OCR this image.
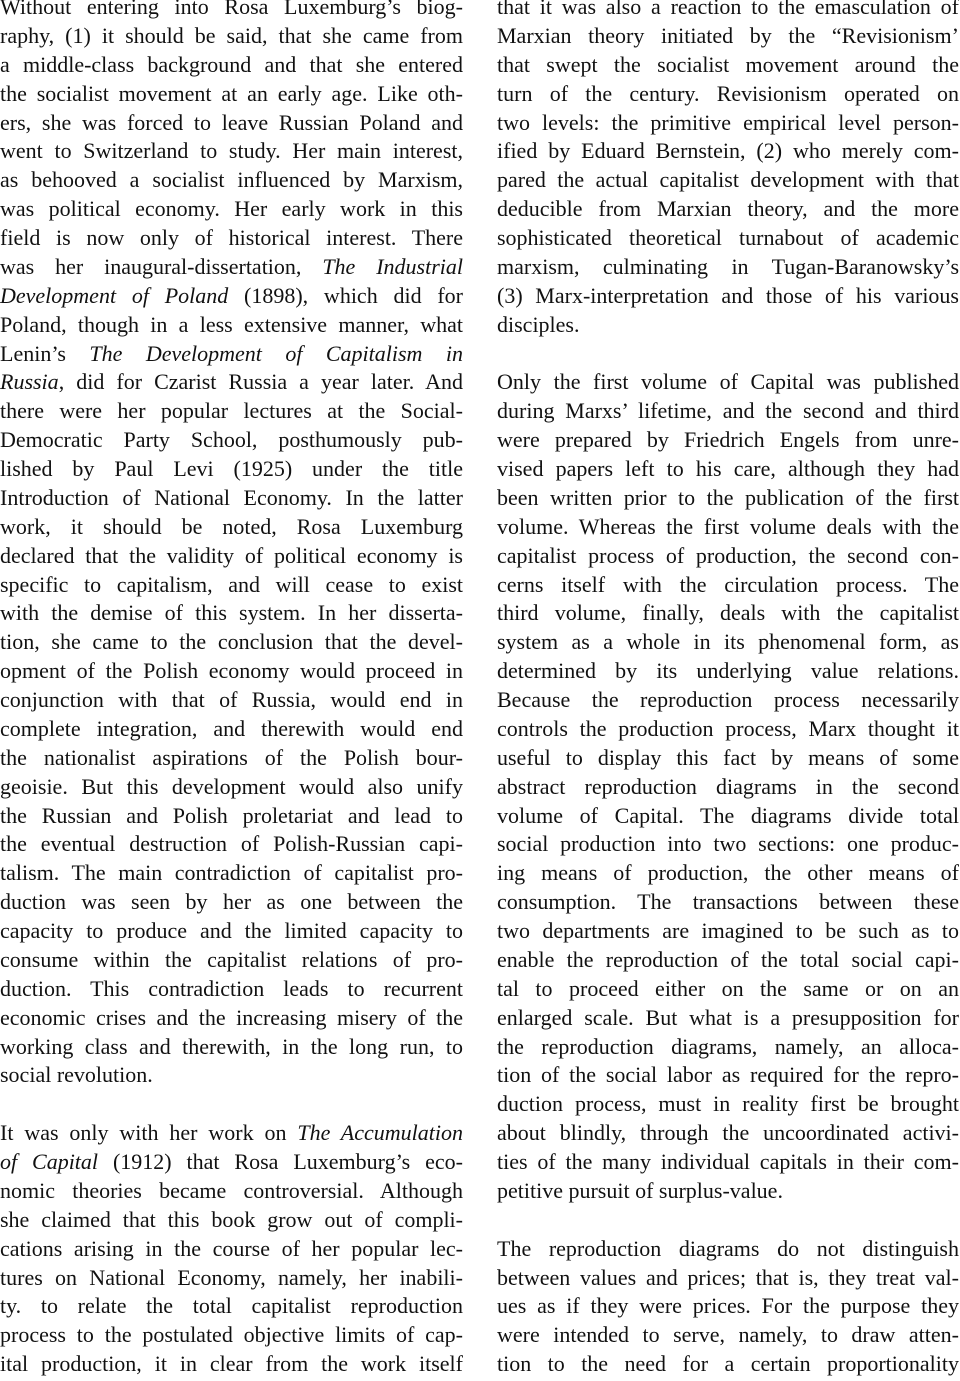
Without entering into Rosa Luxemburg’s biog-
raphy, (1) it should be said, that she came from
a middle-class background and that she entered
the socialist movement at an early age. Like oth-
ers, she was forced to leave Russian Poland and
went to Switzerland to study. Her main interest,
as behooved a socialist influenced by Marxism,
was political economy. Her early work in this
field is now only of historical interest. There
was her inaugural-dissertation, The Industrial
Development of Poland (1898), which did for
Poland, though in a less extensive manner, what
Lenin’s The Development of Capitalism in
Russia, did for Czarist Russia a year later. And
there were her popular lectures at the Social-
Democratic Party School, posthumously pub-
lished by Paul Levi (1925) under the title
Introduction of National Economy. In the latter
work, it should be noted, Rosa Luxemburg
declared that the validity of political economy is
specific to capitalism, and will cease to exist
with the demise of this system. In her disserta-
tion, she came to the conclusion that the devel-
opment of the Polish economy would proceed in
conjunction with that of Russia, would end in
complete integration, and therewith would end
the nationalist aspirations of the Polish bour-
geoisie. But this development would also unify
the Russian and Polish proletariat and lead to
the eventual destruction of Polish-Russian capi-
talism. The main contradiction of capitalist pro-
duction was seen by her as one between the
capacity to produce and the limited capacity to
consume within the capitalist relations of pro-
duction. This contradiction leads to recurrent
economic crises and the increasing misery of the
working class and therewith, in the long run, to
social revolution.
It was only with her work on The Accumulation
of Capital (1912) that Rosa Luxemburg’s eco-
nomic theories became controversial. Although
she claimed that this book grow out of compli-
cations arising in the course of her popular lec-
tures on National Economy, namely, her inabili-
ty. to relate the total capitalist reproduction
process to the postulated objective limits of cap-
ital production, it in clear from the work itself
that it was also a reaction to the emasculation of
Marxian theory initiated by the “Revisionism’
that swept the socialist movement around the
turn of the century. Revisionism operated on
two levels: the primitive empirical level person-
ified by Eduard Bernstein, (2) who merely com-
pared the actual capitalist development with that
deducible from Marxian theory, and the more
sophisticated theoretical turnabout of academic
marxism, culminating in Tugan-Baranowsky’s
(3) Marx-interpretation and those of his various
disciples.
Only the first volume of Capital was published
during Marxs’ lifetime, and the second and third
were prepared by Friedrich Engels from unre-
vised papers left to his care, although they had
been written prior to the publication of the first
volume. Whereas the first volume deals with the
capitalist process of production, the second con-
cerns itself with the circulation process. The
third volume, finally, deals with the capitalist
system as a whole in its phenomenal form, as
determined by its underlying value relations.
Because the reproduction process necessarily
controls the production process, Marx thought it
useful to display this fact by means of some
abstract reproduction diagrams in the second
volume of Capital. The diagrams divide total
social production into two sections: one produc-
ing means of production, the other means of
consumption. The transactions between these
two departments are imagined to be such as to
enable the reproduction of the total social capi-
tal to proceed either on the same or on an
enlarged scale. But what is a presupposition for
the reproduction diagrams, namely, an alloca-
tion of the social labor as required for the repro-
duction process, must in reality first be brought
about blindly, through the uncoordinated activi-
ties of the many individual capitals in their com-
petitive pursuit of surplus-value.
The reproduction diagrams do not distinguish
between values and prices; that is, they treat val-
ues as if they were prices. For the purpose they
were intended to serve, namely, to draw atten-
tion to the need for a certain proportionality
